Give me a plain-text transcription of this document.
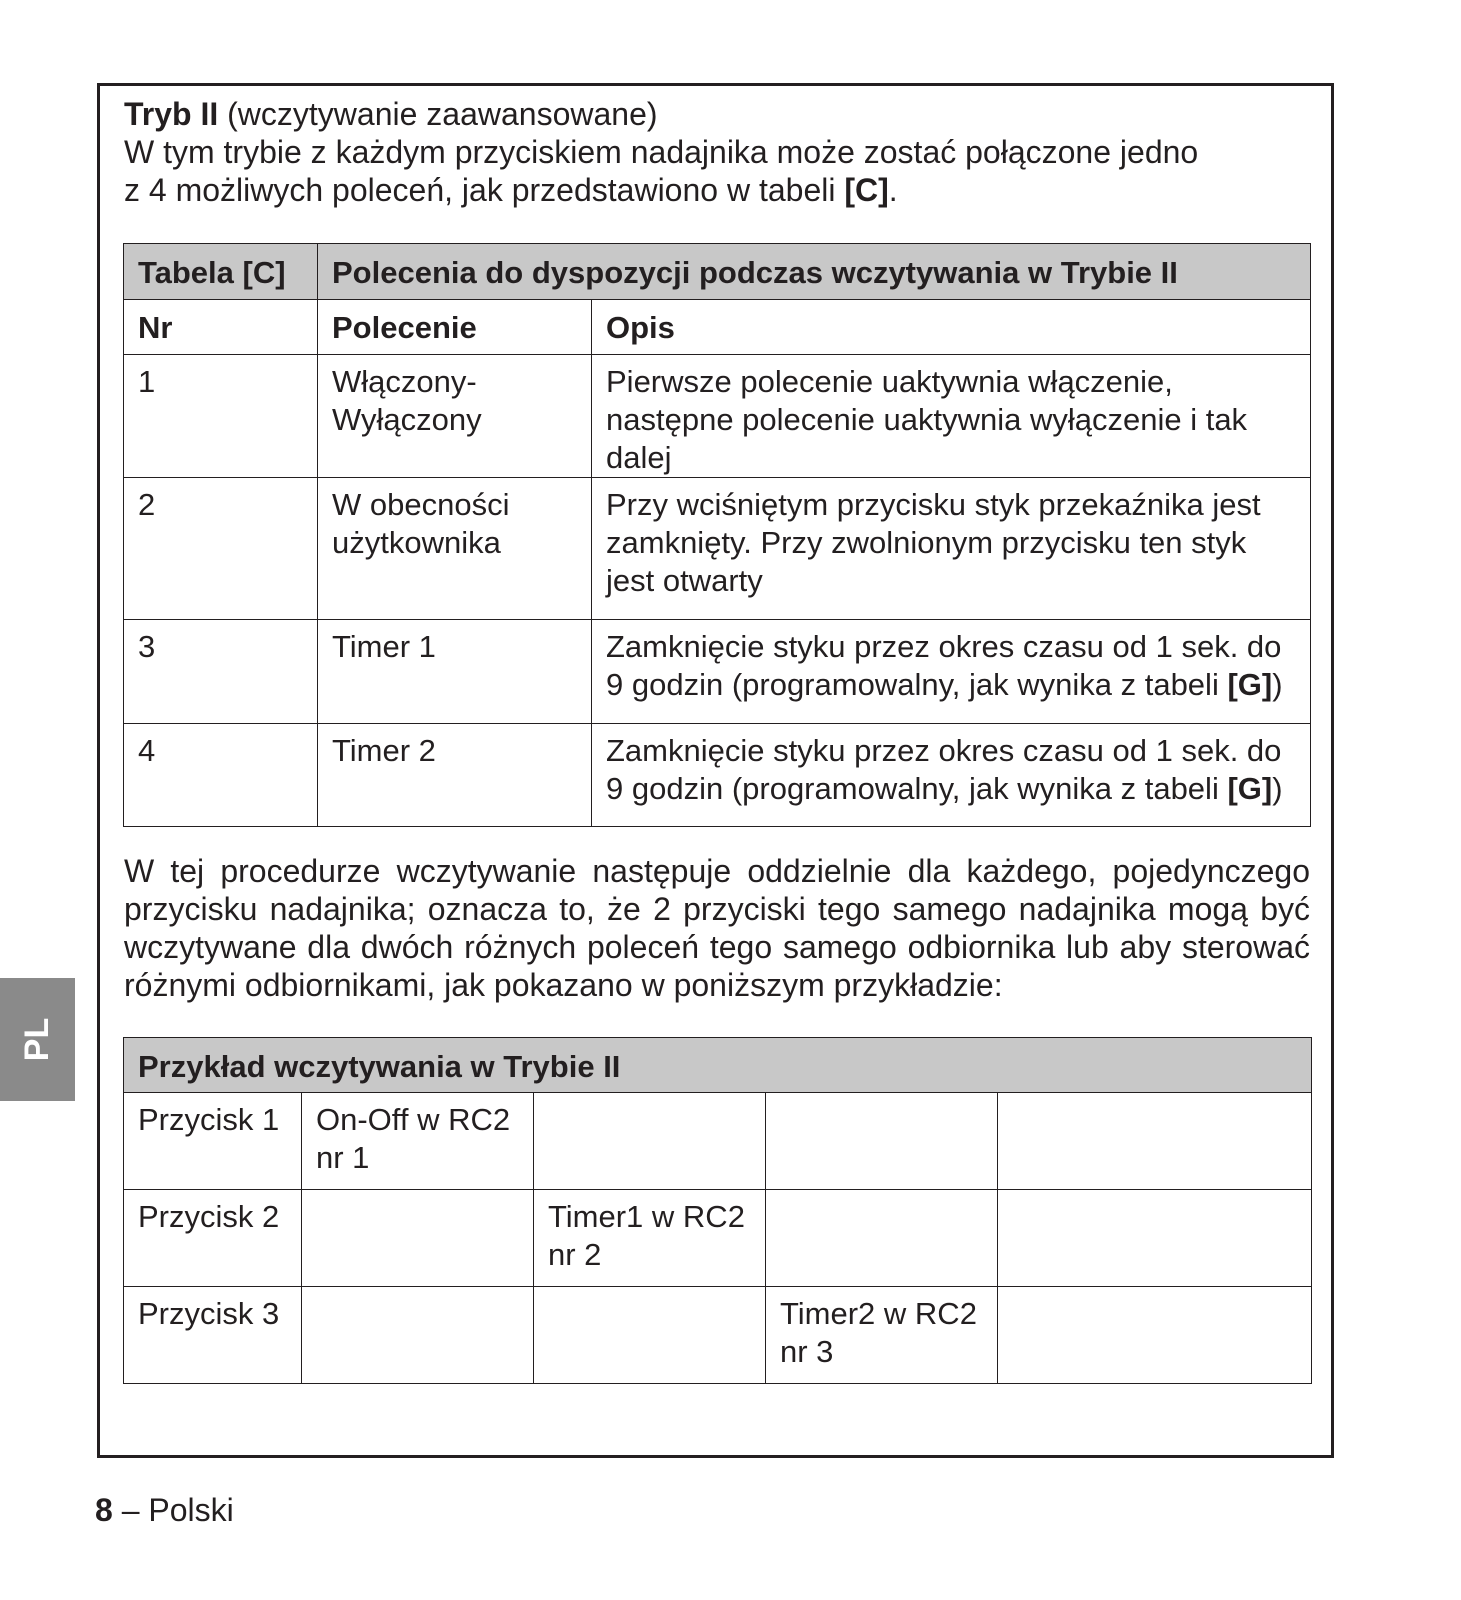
Tryb II (wczytywanie zaawansowane)

W tym trybie z każdym przyciskiem nadajnika może zostać połączone jedno

z 4 możliwych poleceń, jak przedstawiono w tabeli [C].

Tabela [C]	Polecenia do dyspozycji podczas wczytywania w Trybie II	
Nr	Polecenie	Opis
1	Włączony-Wyłączony	Pierwsze polecenie uaktywnia włączenie, następne polecenie uaktywnia wyłączenie i tak dalej
2	W obecności użytkownika	Przy wciśniętym przycisku styk przekaźnika jest zamknięty. Przy zwolnionym przycisku ten styk jest otwarty
3	Timer 1	Zamknięcie styku przez okres czasu od 1 sek. do 9 godzin (programowalny, jak wynika z tabeli [G])
4	Timer 2	Zamknięcie styku przez okres czasu od 1 sek. do 9 godzin (programowalny, jak wynika z tabeli [G])

W tej procedurze wczytywanie następuje oddzielnie dla każdego, pojedynczego przycisku nadajnika; oznacza to, że 2 przyciski tego samego nadajnika mogą być wczytywane dla dwóch różnych poleceń tego samego odbiornika lub aby sterować różnymi odbiornikami, jak pokazano w poniższym przykładzie:

Przykład wczytywania w Trybie II				
Przycisk 1	On-Off w RC2 nr 1			
Przycisk 2		Timer1 w RC2 nr 2		
Przycisk 3			Timer2 w RC2 nr 3	
PL
8 – Polski
